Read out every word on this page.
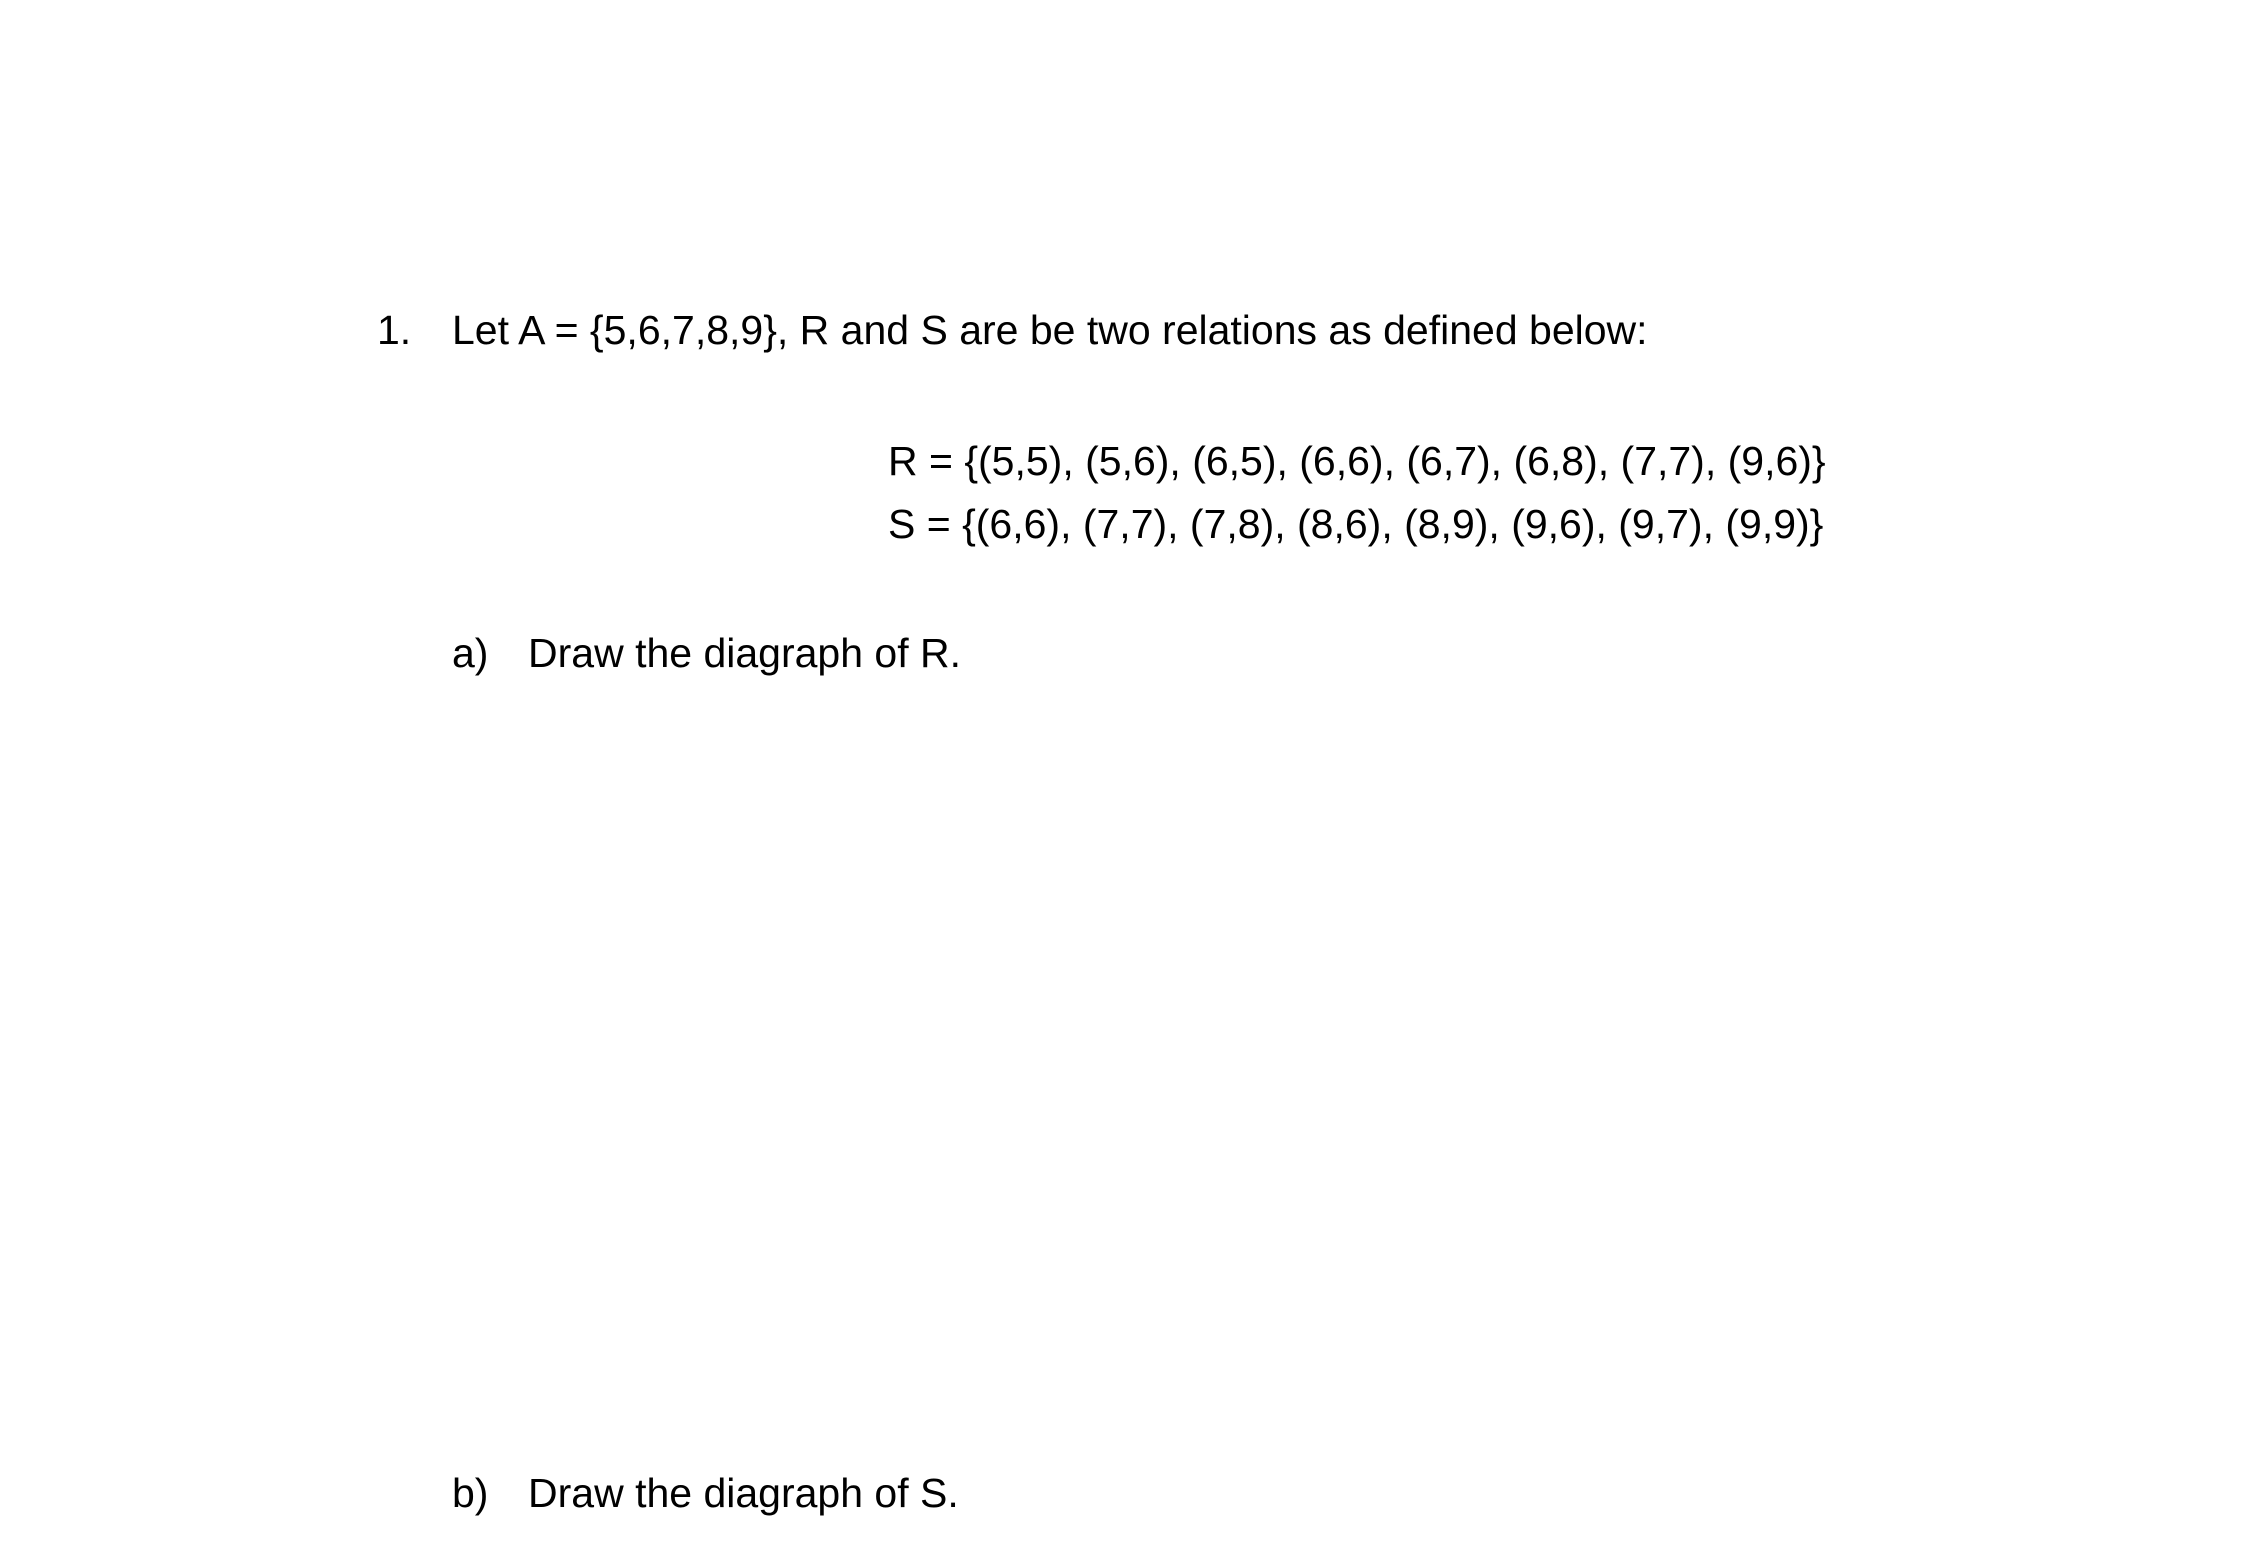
1. Let A = {5,6,7,8,9}, R and S are be two relations as defined below:
R = {(5,5), (5,6), (6,5), (6,6), (6,7), (6,8), (7,7), (9,6)}
S = {(6,6), (7,7), (7,8), (8,6), (8,9), (9,6), (9,7), (9,9)}
a) Draw the diagraph of R.
b) Draw the diagraph of S.
